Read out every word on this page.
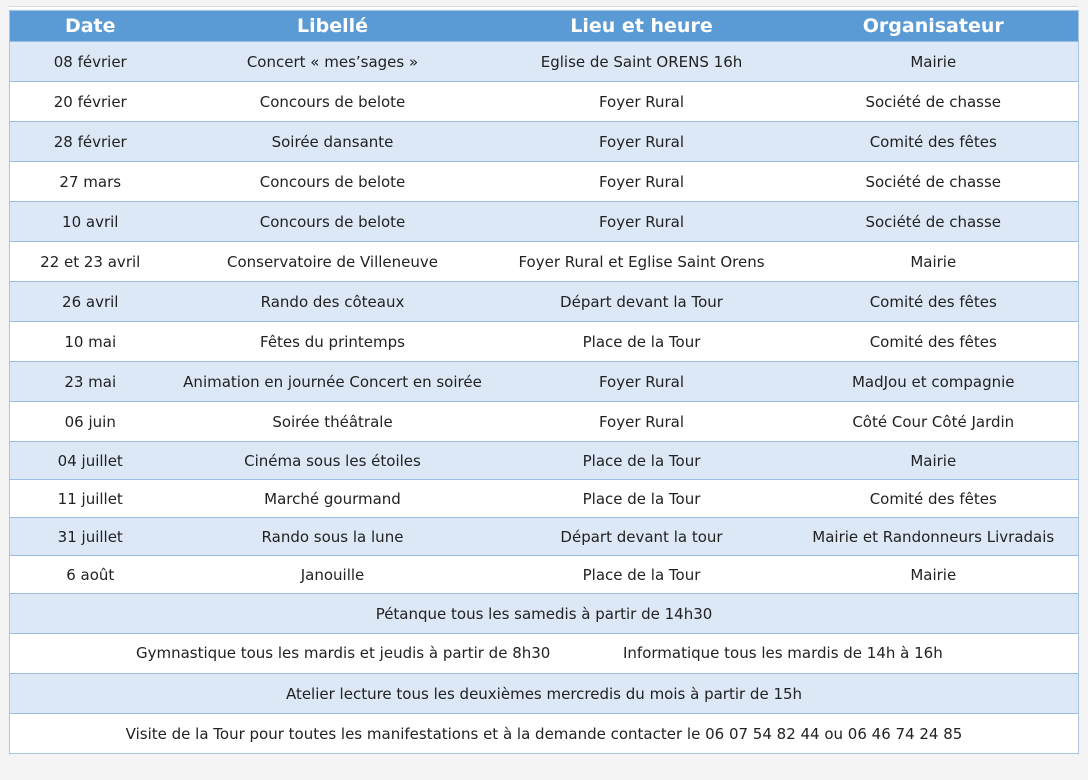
Date	Libellé	Lieu et heure	Organisateur
08 février	Concert « mes’sages »	Eglise de Saint ORENS 16h	Mairie
20 février	Concours de belote	Foyer Rural	Société de chasse
28 février	Soirée dansante	Foyer Rural	Comité des fêtes
27 mars	Concours de belote	Foyer Rural	Société de chasse
10 avril	Concours de belote	Foyer Rural	Société de chasse
22 et 23 avril	Conservatoire de Villeneuve	Foyer Rural et Eglise Saint Orens	Mairie
26 avril	Rando des côteaux	Départ devant la Tour	Comité des fêtes
10 mai	Fêtes du printemps	Place de la Tour	Comité des fêtes
23 mai	Animation en journée Concert en soirée	Foyer Rural	MadJou et compagnie
06 juin	Soirée théâtrale	Foyer Rural	Côté Cour Côté Jardin
04 juillet	Cinéma sous les étoiles	Place de la Tour	Mairie
11 juillet	Marché gourmand	Place de la Tour	Comité des fêtes
31 juillet	Rando sous la lune	Départ devant la tour	Mairie et Randonneurs Livradais
6 août	Janouille	Place de la Tour	Mairie
Pétanque tous les samedis à partir de 14h30			

Gymnastique tous les mardis et jeudis à partir de 8h30 Informatique tous les mardis de 14h à 16h			

Atelier lecture tous les deuxièmes mercredis du mois à partir de 15h			
Visite de la Tour pour toutes les manifestations et à la demande contacter le 06 07 54 82 44 ou 06 46 74 24 85			
